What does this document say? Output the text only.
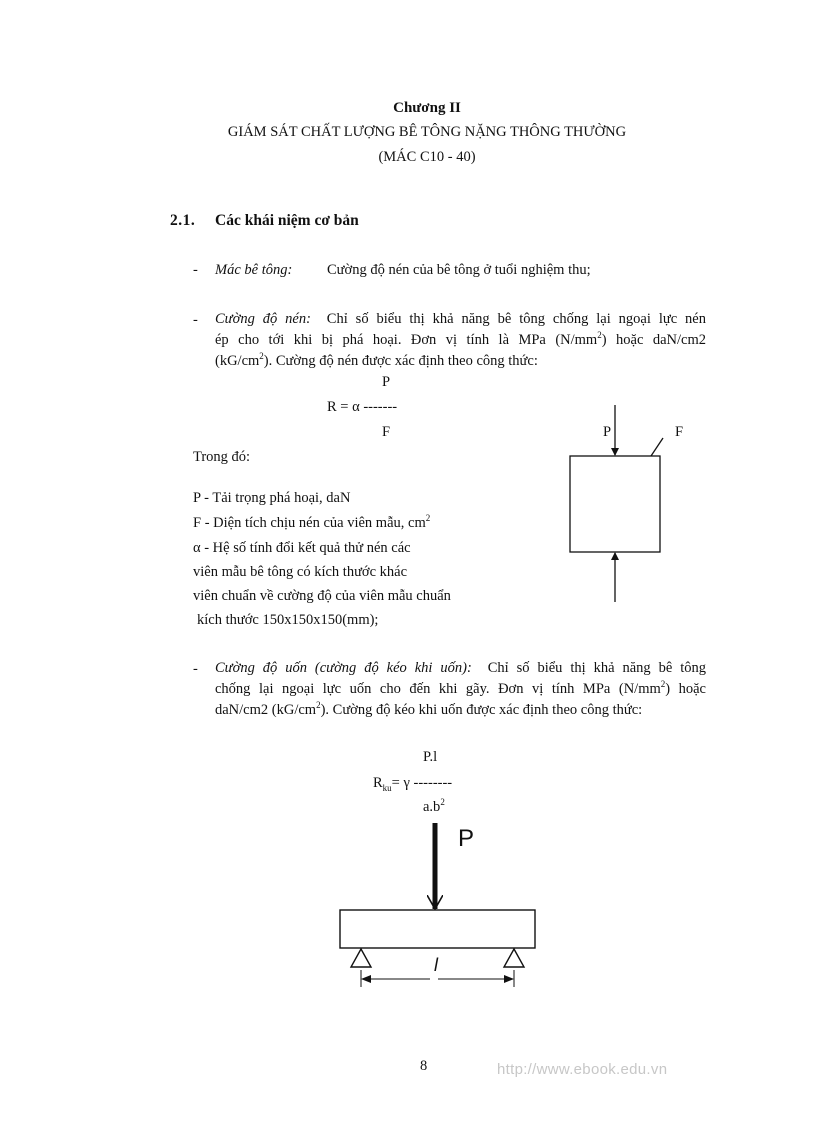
Chương II
GIÁM SÁT CHẤT LƯỢNG BÊ TÔNG NẶNG THÔNG THƯỜNG
(MÁC C10 - 40)
2.1. Các khái niệm cơ bản
- Mác bê tông: Cường độ nén của bê tông ở tuổi nghiệm thu;
- Cường độ nén: Chỉ số biểu thị khả năng bê tông chống lại ngoại lực nén
ép cho tới khi bị phá hoại. Đơn vị tính là MPa $(N/mm^2)$ hoặc daN/cm2
$(kG/cm^2)$. Cường độ nén được xác định theo công thức:
P
R = α -------
F	P	F
Trong đó:
P - Tải trọng phá hoại, daN
F - Diện tích chịu nén của viên mẫu, $cm^2$
α - Hệ số tính đổi kết quả thử nén các
viên mẫu bê tông có kích thước khác
viên chuẩn về cường độ của viên mẫu chuẩn
kích thước 150x150x150(mm);
- Cường độ uốn (cường độ kéo khi uốn): Chỉ số biểu thị khả năng bê tông
chống lại ngoại lực uốn cho đến khi gãy. Đơn vị tính MPa $(N/mm^2)$ hoặc
daN/cm2 $(kG/cm^2)$. Cường độ kéo khi uốn được xác định theo công thức:
P.l
$R_{ku}= \gamma$ --------
$a.b^2$
P
l
8	http://www.ebook.edu.vn
